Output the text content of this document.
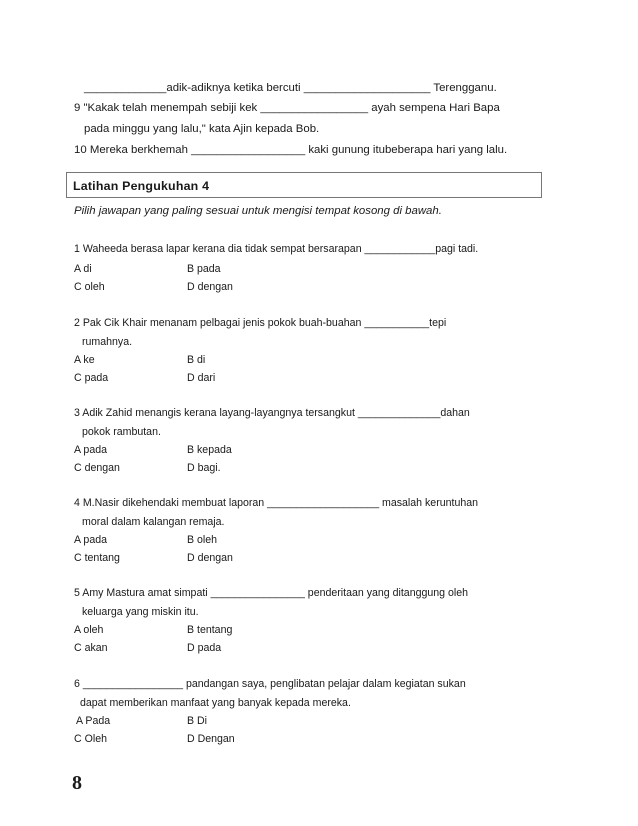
_____________adik-adiknya ketika bercuti ____________________ Terengganu.
9 "Kakak telah menempah sebiji kek _________________ ayah sempena Hari Bapa
pada minggu yang lalu," kata Ajin kepada Bob.
10 Mereka berkhemah __________________ kaki gunung itubeberapa hari yang lalu.
Latihan Pengukuhan 4
Pilih jawapan yang paling sesuai untuk mengisi tempat kosong di bawah.
1 Waheeda berasa lapar kerana dia tidak sempat bersarapan ____________pagi tadi.
A di	B pada
C oleh	D dengan
2 Pak Cik Khair menanam pelbagai jenis pokok buah-buahan ___________tepi
rumahnya.
A ke	B di
C pada	D dari
3 Adik Zahid menangis kerana layang-layangnya tersangkut ______________dahan
pokok rambutan.
A pada	B kepada
C dengan	D bagi.
4 M.Nasir dikehendaki membuat laporan ___________________ masalah keruntuhan
moral dalam kalangan remaja.
A pada	B oleh
C tentang	D dengan
5 Amy Mastura amat simpati ________________ penderitaan yang ditanggung oleh
keluarga yang miskin itu.
A oleh	B tentang
C akan	D pada
6 _________________ pandangan saya, penglibatan pelajar dalam kegiatan sukan
dapat memberikan manfaat yang banyak kepada mereka.
A Pada	B Di
C Oleh	D Dengan
8
